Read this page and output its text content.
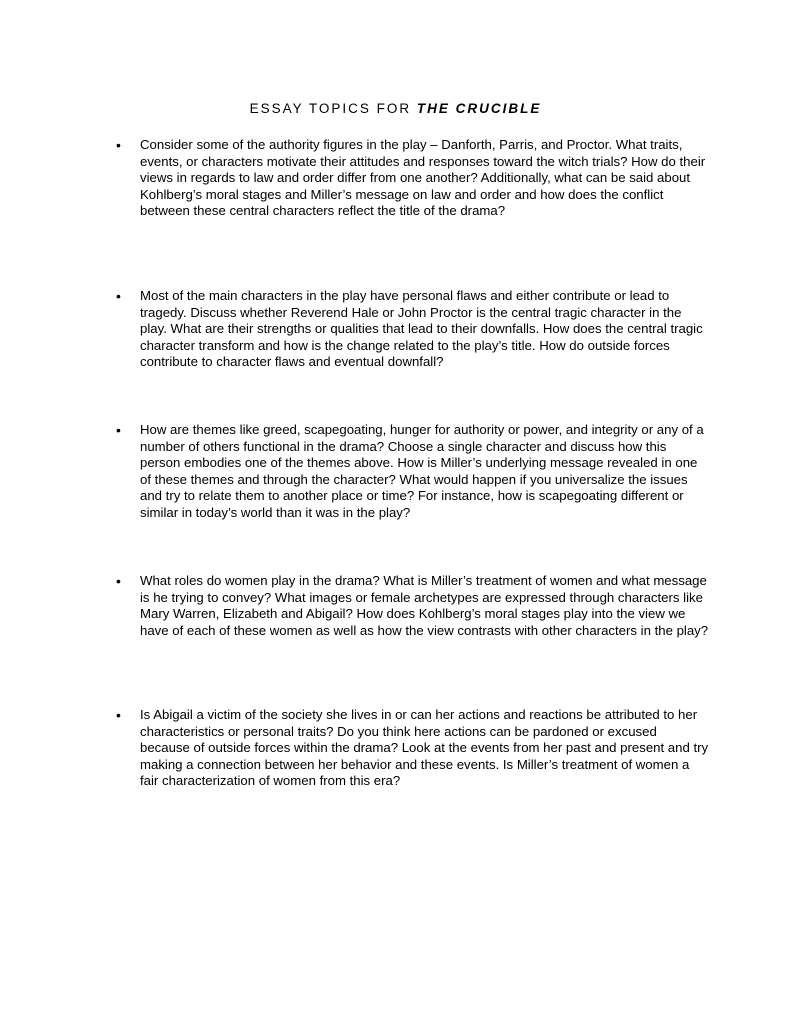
ESSAY TOPICS FOR THE CRUCIBLE
• Consider some of the authority figures in the play – Danforth, Parris, and Proctor. What traits, events, or characters motivate their attitudes and responses toward the witch trials? How do their views in regards to law and order differ from one another? Additionally, what can be said about Kohlberg’s moral stages and Miller’s message on law and order and how does the conflict between these central characters reflect the title of the drama?
• Most of the main characters in the play have personal flaws and either contribute or lead to tragedy. Discuss whether Reverend Hale or John Proctor is the central tragic character in the play. What are their strengths or qualities that lead to their downfalls. How does the central tragic character transform and how is the change related to the play’s title. How do outside forces contribute to character flaws and eventual downfall?
• How are themes like greed, scapegoating, hunger for authority or power, and integrity or any of a number of others functional in the drama? Choose a single character and discuss how this person embodies one of the themes above. How is Miller’s underlying message revealed in one of these themes and through the character? What would happen if you universalize the issues and try to relate them to another place or time? For instance, how is scapegoating different or similar in today’s world than it was in the play?
• What roles do women play in the drama? What is Miller’s treatment of women and what message is he trying to convey? What images or female archetypes are expressed through characters like Mary Warren, Elizabeth and Abigail? How does Kohlberg’s moral stages play into the view we have of each of these women as well as how the view contrasts with other characters in the play?
• Is Abigail a victim of the society she lives in or can her actions and reactions be attributed to her characteristics or personal traits? Do you think here actions can be pardoned or excused because of outside forces within the drama? Look at the events from her past and present and try making a connection between her behavior and these events. Is Miller’s treatment of women a fair characterization of women from this era?
